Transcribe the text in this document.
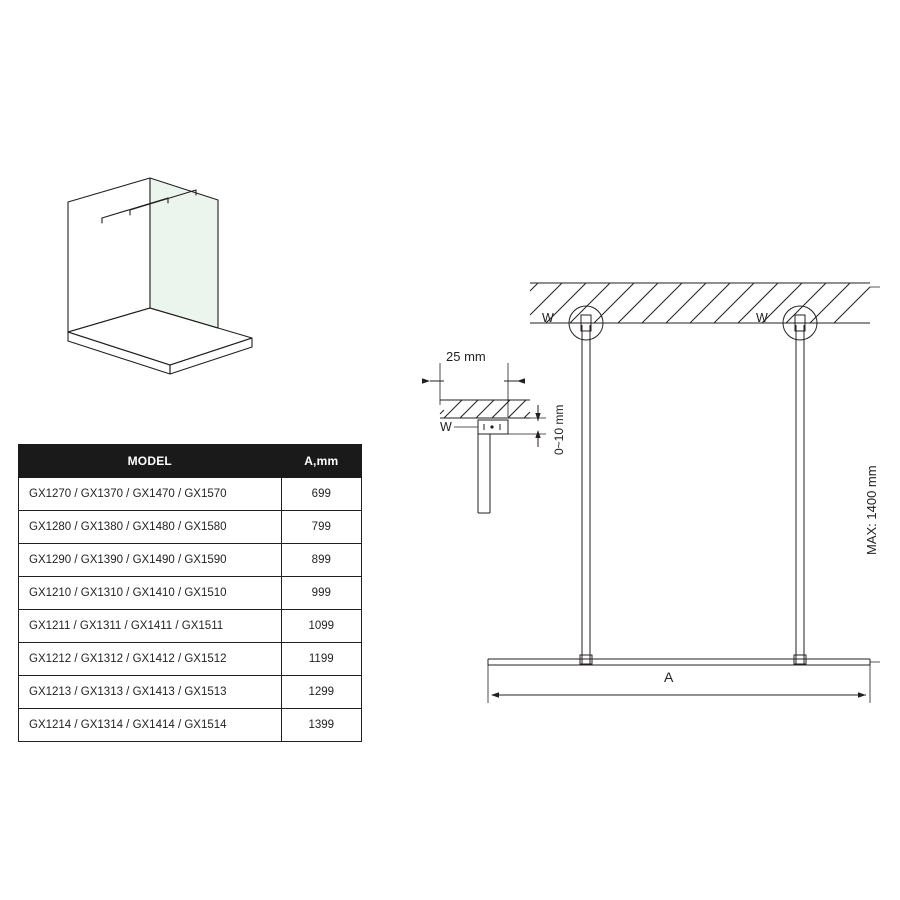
MODEL	A,mm
GX1270 / GX1370 / GX1470 / GX1570	699
GX1280 / GX1380 / GX1480 / GX1580	799
GX1290 / GX1390 / GX1490 / GX1590	899
GX1210 / GX1310 / GX1410 / GX1510	999
GX1211 / GX1311 / GX1411 / GX1511	1099
GX1212 / GX1312 / GX1412 / GX1512	1199
GX1213 / GX1313 / GX1413 / GX1513	1299
GX1214 / GX1314 / GX1414 / GX1514	1399
W	W
MAX: 1400 mm
A
25 mm
0~10 mm
W
